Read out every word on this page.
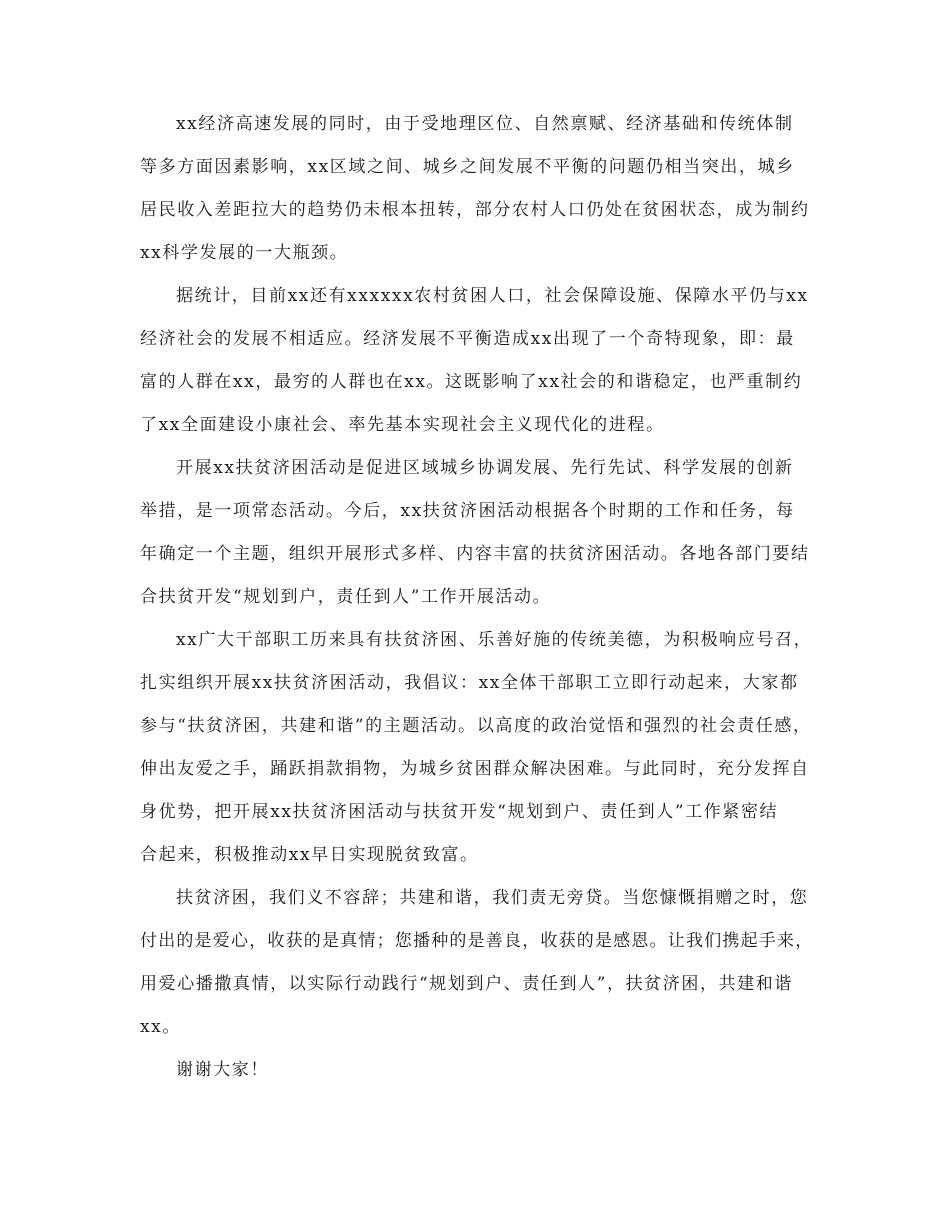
xx经济高速发展的同时，由于受地理区位、自然禀赋、经济基础和传统体制
等多方面因素影响，xx区域之间、城乡之间发展不平衡的问题仍相当突出，城乡
居民收入差距拉大的趋势仍未根本扭转，部分农村人口仍处在贫困状态，成为制约
xx科学发展的一大瓶颈。
据统计，目前xx还有xxxxxx农村贫困人口，社会保障设施、保障水平仍与xx
经济社会的发展不相适应。经济发展不平衡造成xx出现了一个奇特现象，即：最
富的人群在xx，最穷的人群也在xx。这既影响了xx社会的和谐稳定，也严重制约
了xx全面建设小康社会、率先基本实现社会主义现代化的进程。
开展xx扶贫济困活动是促进区域城乡协调发展、先行先试、科学发展的创新
举措，是一项常态活动。今后，xx扶贫济困活动根据各个时期的工作和任务，每
年确定一个主题，组织开展形式多样、内容丰富的扶贫济困活动。各地各部门要结
合扶贫开发“规划到户，责任到人”工作开展活动。
xx广大干部职工历来具有扶贫济困、乐善好施的传统美德，为积极响应号召，
扎实组织开展xx扶贫济困活动，我倡议：xx全体干部职工立即行动起来，大家都
参与“扶贫济困，共建和谐”的主题活动。以高度的政治觉悟和强烈的社会责任感，
伸出友爱之手，踊跃捐款捐物，为城乡贫困群众解决困难。与此同时，充分发挥自
身优势，把开展xx扶贫济困活动与扶贫开发“规划到户、责任到人”工作紧密结
合起来，积极推动xx早日实现脱贫致富。
扶贫济困，我们义不容辞；共建和谐，我们责无旁贷。当您慷慨捐赠之时，您
付出的是爱心，收获的是真情；您播种的是善良，收获的是感恩。让我们携起手来，
用爱心播撒真情，以实际行动践行“规划到户、责任到人”，扶贫济困，共建和谐
xx。
谢谢大家！
